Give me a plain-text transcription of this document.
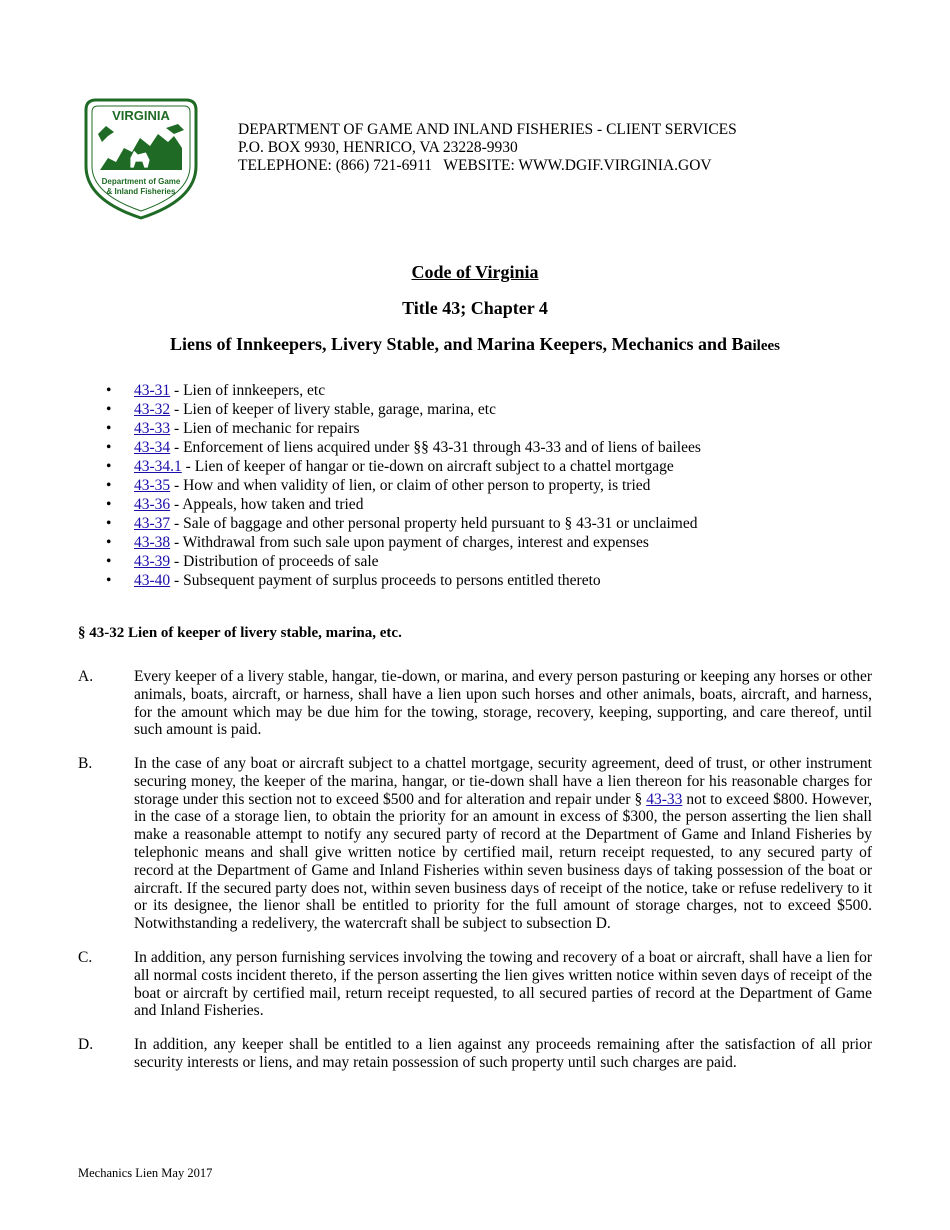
VIRGINIA
Department of Game
& Inland Fisheries
DEPARTMENT OF GAME AND INLAND FISHERIES - CLIENT SERVICES
P.O. BOX 9930, HENRICO, VA 23228-9930
TELEPHONE: (866) 721-6911   WEBSITE: WWW.DGIF.VIRGINIA.GOV
Code of Virginia
Title 43; Chapter 4
Liens of Innkeepers, Livery Stable, and Marina Keepers, Mechanics and Bailees
• 43-31 - Lien of innkeepers, etc
• 43-32 - Lien of keeper of livery stable, garage, marina, etc
• 43-33 - Lien of mechanic for repairs
• 43-34 - Enforcement of liens acquired under §§ 43-31 through 43-33 and of liens of bailees
• 43-34.1 - Lien of keeper of hangar or tie-down on aircraft subject to a chattel mortgage
• 43-35 - How and when validity of lien, or claim of other person to property, is tried
• 43-36 - Appeals, how taken and tried
• 43-37 - Sale of baggage and other personal property held pursuant to § 43-31 or unclaimed
• 43-38 - Withdrawal from such sale upon payment of charges, interest and expenses
• 43-39 - Distribution of proceeds of sale
• 43-40 - Subsequent payment of surplus proceeds to persons entitled thereto
§ 43-32 Lien of keeper of livery stable, marina, etc.
A.	Every keeper of a livery stable, hangar, tie-down, or marina, and every person pasturing or keeping any horses or other animals, boats, aircraft, or harness, shall have a lien upon such horses and other animals, boats, aircraft, and harness, for the amount which may be due him for the towing, storage, recovery, keeping, supporting, and care thereof, until such amount is paid.
B.	In the case of any boat or aircraft subject to a chattel mortgage, security agreement, deed of trust, or other instrument securing money, the keeper of the marina, hangar, or tie-down shall have a lien thereon for his reasonable charges for storage under this section not to exceed $500 and for alteration and repair under § 43-33 not to exceed $800. However, in the case of a storage lien, to obtain the priority for an amount in excess of $300, the person asserting the lien shall make a reasonable attempt to notify any secured party of record at the Department of Game and Inland Fisheries by telephonic means and shall give written notice by certified mail, return receipt requested, to any secured party of record at the Department of Game and Inland Fisheries within seven business days of taking possession of the boat or aircraft. If the secured party does not, within seven business days of receipt of the notice, take or refuse redelivery to it or its designee, the lienor shall be entitled to priority for the full amount of storage charges, not to exceed $500. Notwithstanding a redelivery, the watercraft shall be subject to subsection D.
C.	In addition, any person furnishing services involving the towing and recovery of a boat or aircraft, shall have a lien for all normal costs incident thereto, if the person asserting the lien gives written notice within seven days of receipt of the boat or aircraft by certified mail, return receipt requested, to all secured parties of record at the Department of Game and Inland Fisheries.
D.	In addition, any keeper shall be entitled to a lien against any proceeds remaining after the satisfaction of all prior security interests or liens, and may retain possession of such property until such charges are paid.
Mechanics Lien May 2017
